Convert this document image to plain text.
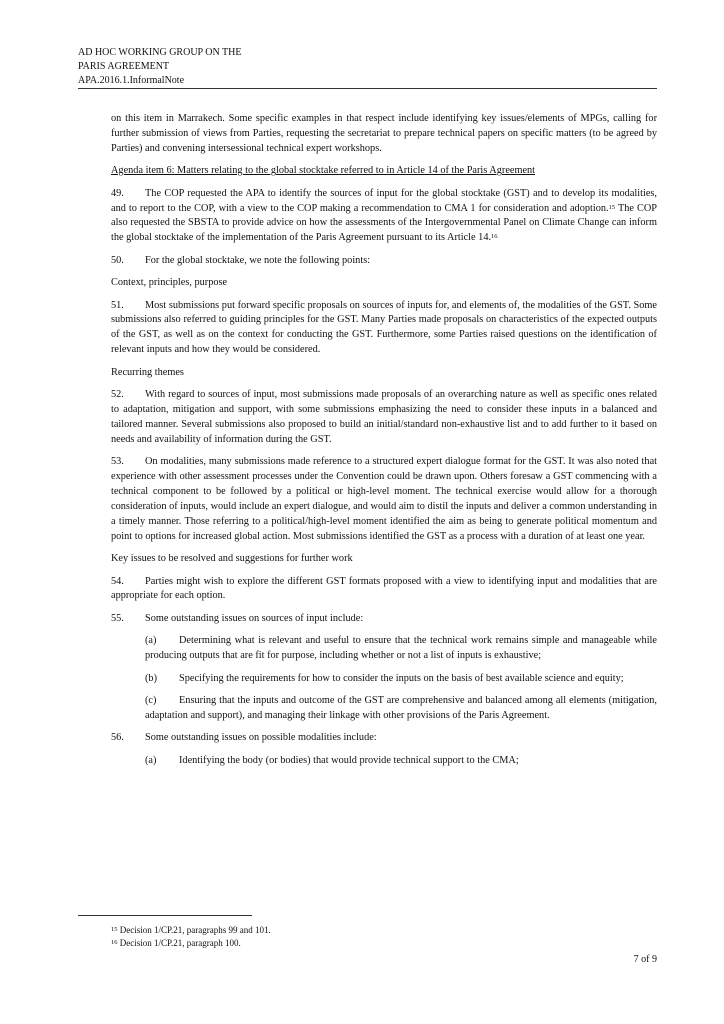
AD HOC WORKING GROUP ON THE
PARIS AGREEMENT
APA.2016.1.InformalNote

on this item in Marrakech. Some specific examples in that respect include identifying key issues/elements of MPGs, calling for further submission of views from Parties, requesting the secretariat to prepare technical papers on specific matters (to be agreed by Parties) and convening intersessional technical expert workshops.

Agenda item 6: Matters relating to the global stocktake referred to in Article 14 of the Paris Agreement

49. The COP requested the APA to identify the sources of input for the global stocktake (GST) and to develop its modalities, and to report to the COP, with a view to the COP making a recommendation to CMA 1 for consideration and adoption.$^{15}$ The COP also requested the SBSTA to provide advice on how the assessments of the Intergovernmental Panel on Climate Change can inform the global stocktake of the implementation of the Paris Agreement pursuant to its Article 14.16

50.	For the global stocktake, we note the following points:

Context, principles, purpose

51. Most submissions put forward specific proposals on sources of inputs for, and elements of, the modalities of the GST. Some submissions also referred to guiding principles for the GST. Many Parties made proposals on characteristics of the expected outputs of the GST, as well as on the context for conducting the GST. Furthermore, some Parties raised questions on the identification of relevant inputs and how they would be considered.

Recurring themes

52. With regard to sources of input, most submissions made proposals of an overarching nature as well as specific ones related to adaptation, mitigation and support, with some submissions emphasizing the need to consider these inputs in a balanced and tailored manner. Several submissions also proposed to build an initial/standard non-exhaustive list and to add further to it based on needs and availability of information during the GST.

53. On modalities, many submissions made reference to a structured expert dialogue format for the GST. It was also noted that experience with other assessment processes under the Convention could be drawn upon. Others foresaw a GST commencing with a technical component to be followed by a political or high-level moment. The technical exercise would allow for a thorough consideration of inputs, would include an expert dialogue, and would aim to distil the inputs and deliver a common understanding in a timely manner. Those referring to a political/high-level moment identified the aim as being to generate political momentum and point to options for increased global action. Most submissions identified the GST as a process with a duration of at least one year.

Key issues to be resolved and suggestions for further work

54. Parties might wish to explore the different GST formats proposed with a view to identifying input and modalities that are appropriate for each option.

55.	Some outstanding issues on sources of input include:

(a) Determining what is relevant and useful to ensure that the technical work remains simple and manageable while producing outputs that are fit for purpose, including whether or not a list of inputs is exhaustive;

(b) Specifying the requirements for how to consider the inputs on the basis of best available science and equity;

(c) Ensuring that the inputs and outcome of the GST are comprehensive and balanced among all elements (mitigation, adaptation and support), and managing their linkage with other provisions of the Paris Agreement.

56.	Some outstanding issues on possible modalities include:
(a)	Identifying the body (or bodies) that would provide technical support to the CMA;
$^{15}$ Decision 1/CP.21, paragraphs 99 and 101.
$^{16}$ Decision 1/CP.21, paragraph 100.
7 of 9
